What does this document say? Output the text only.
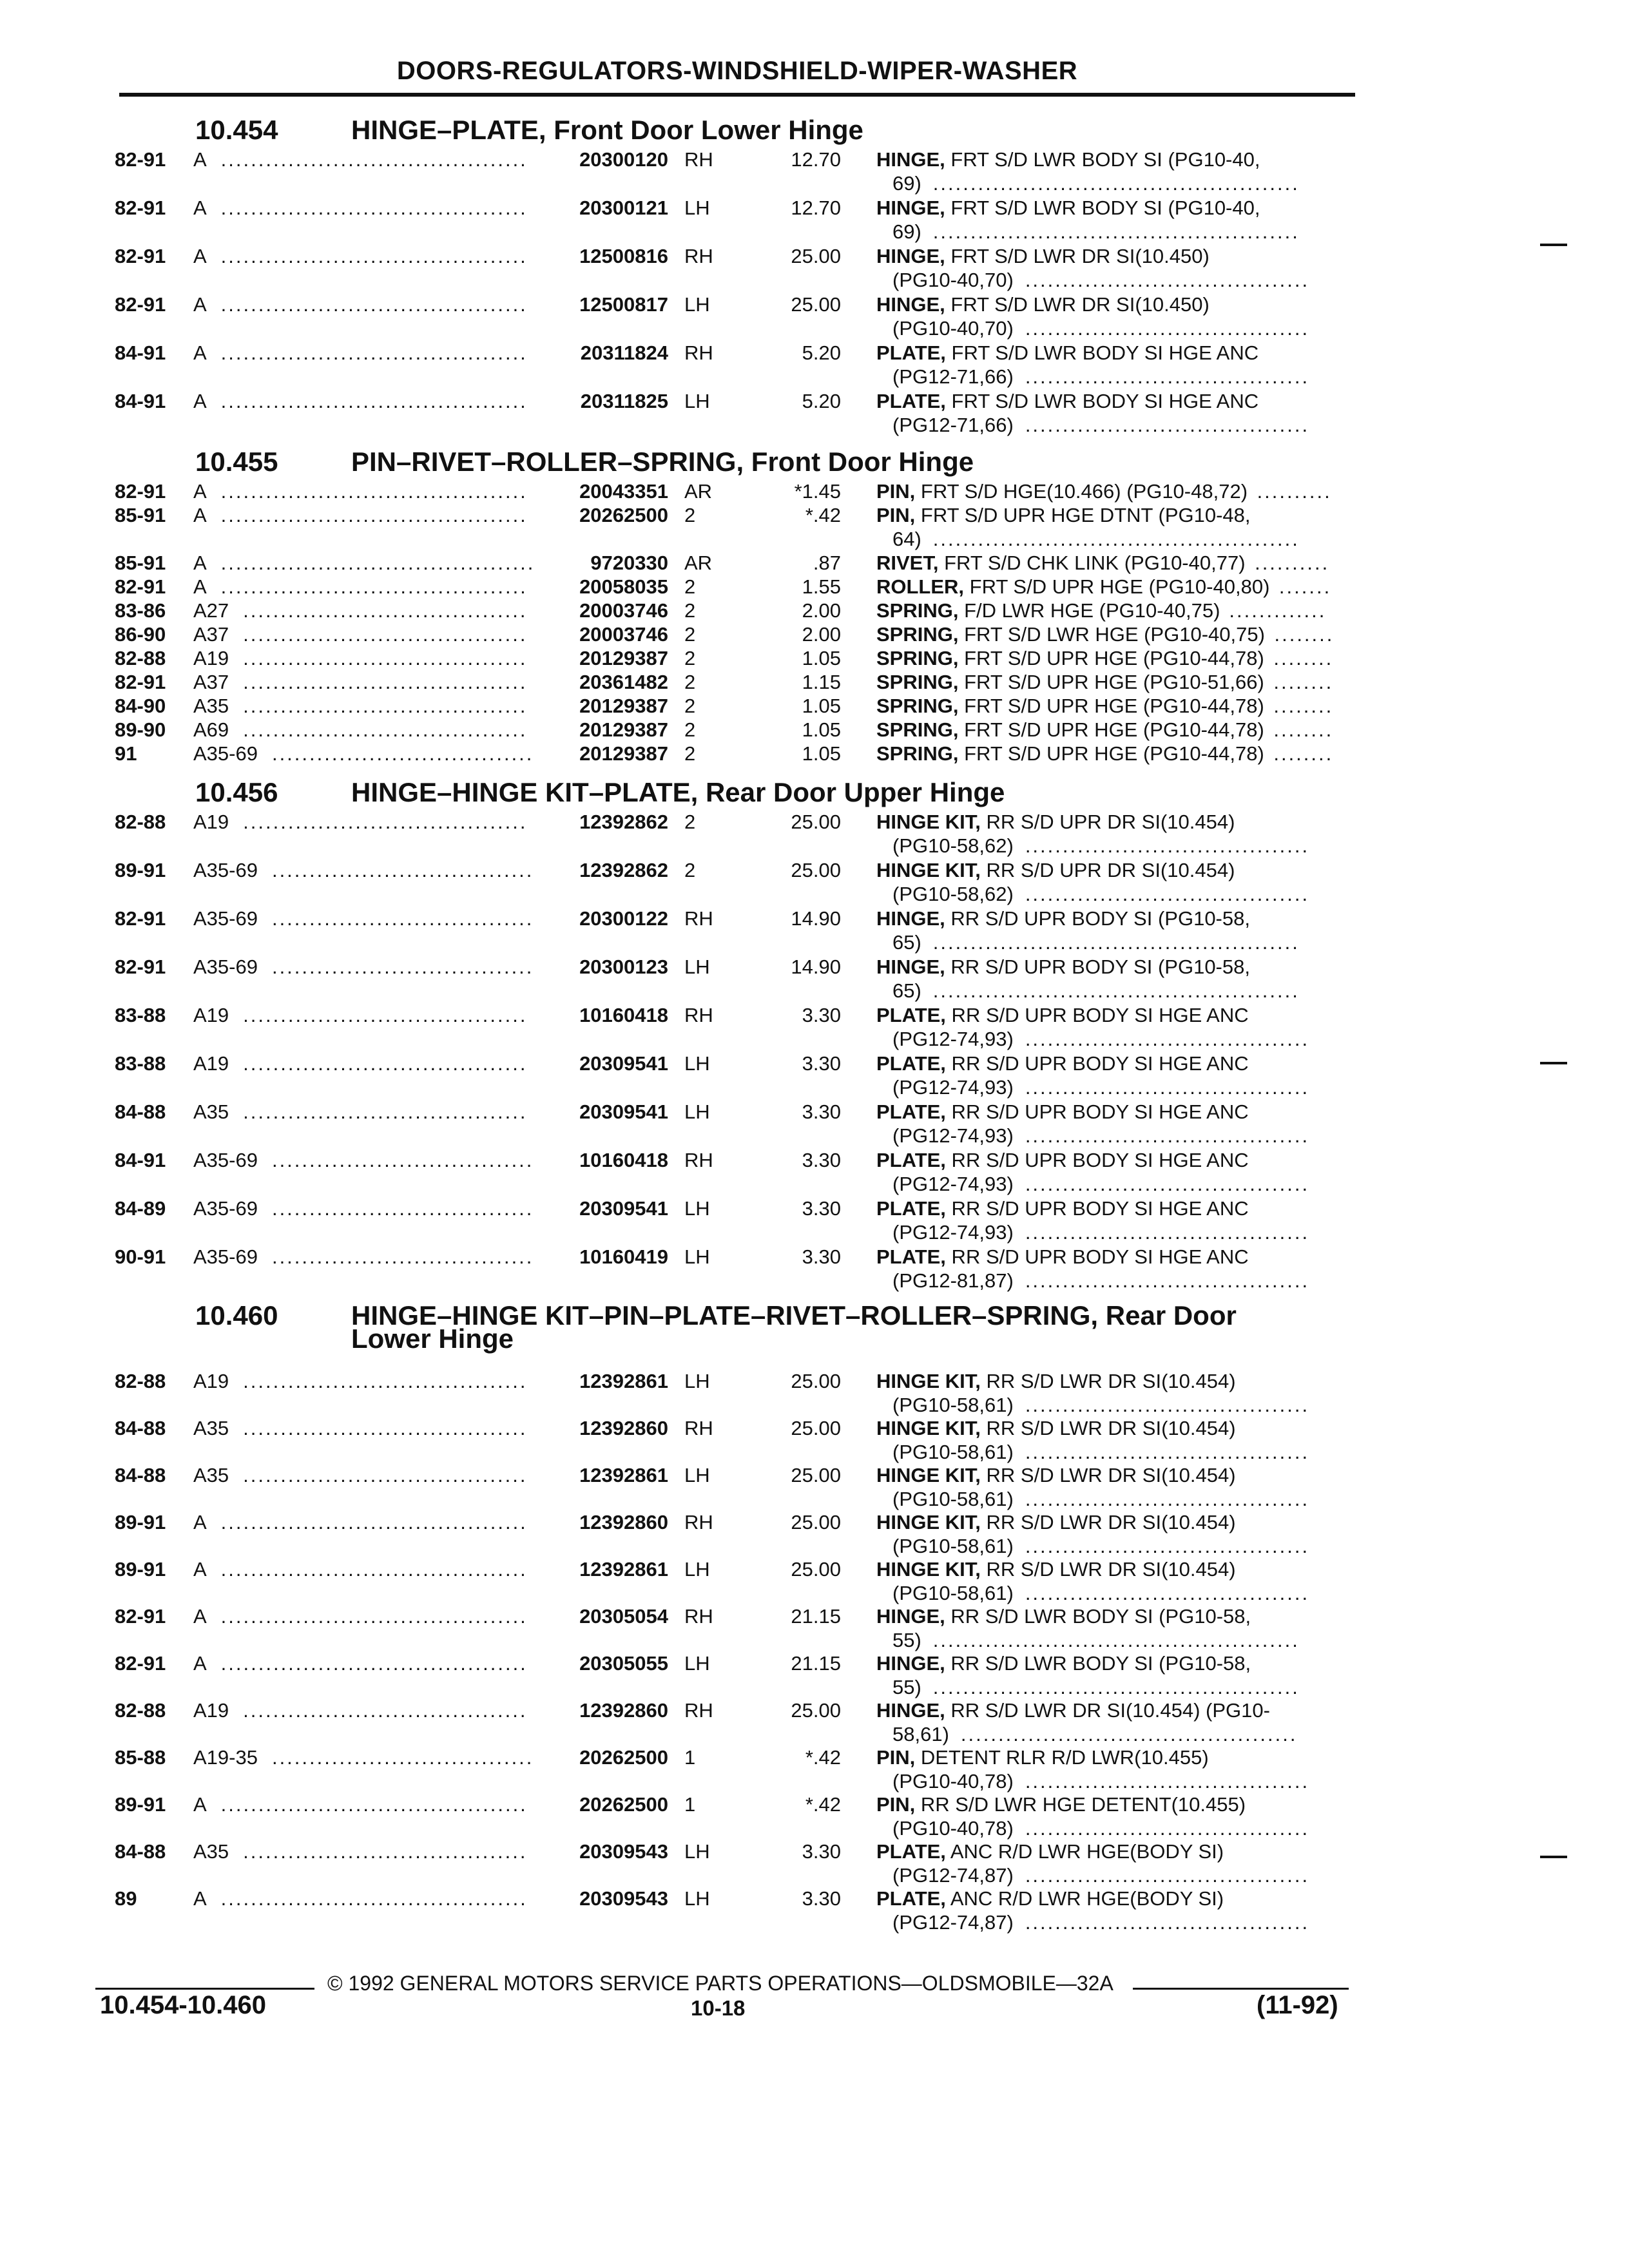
DOORS-REGULATORS-WINDSHIELD-WIPER-WASHER
10.454	HINGE–PLATE, Front Door Lower Hinge
82-91 A .........................................	20300120 RH	12.70 HINGE, FRT S/D LWR BODY SI (PG10-40,
69) .................................................
82-91 A .........................................	20300121 LH	12.70 HINGE, FRT S/D LWR BODY SI (PG10-40,
69) .................................................
82-91 A .........................................	12500816 RH	25.00 HINGE, FRT S/D LWR DR SI(10.450)
(PG10-40,70) ......................................
82-91 A .........................................	12500817 LH	25.00 HINGE, FRT S/D LWR DR SI(10.450)
(PG10-40,70) ......................................
84-91 A .........................................	20311824 RH	5.20 PLATE, FRT S/D LWR BODY SI HGE ANC
(PG12-71,66) ......................................
84-91 A .........................................	20311825 LH	5.20 PLATE, FRT S/D LWR BODY SI HGE ANC
(PG12-71,66) ......................................
10.455	PIN–RIVET–ROLLER–SPRING, Front Door Hinge
82-91 A .........................................	20043351 AR	*1.45 PIN, FRT S/D HGE(10.466) (PG10-48,72) ..........
85-91 A .........................................	20262500 2	*.42 PIN, FRT S/D UPR HGE DTNT (PG10-48,
64) .................................................
85-91 A ..........................................	9720330 AR	.87 RIVET, FRT S/D CHK LINK (PG10-40,77) ..........
82-91 A .........................................	20058035 2	1.55 ROLLER, FRT S/D UPR HGE (PG10-40,80) .......
83-86 A27 ......................................	20003746 2	2.00 SPRING, F/D LWR HGE (PG10-40,75) .............
86-90 A37 ......................................	20003746 2	2.00 SPRING, FRT S/D LWR HGE (PG10-40,75) ........
82-88 A19 ......................................	20129387 2	1.05 SPRING, FRT S/D UPR HGE (PG10-44,78) ........
82-91 A37 ......................................	20361482 2	1.15 SPRING, FRT S/D UPR HGE (PG10-51,66) ........
84-90 A35 ......................................	20129387 2	1.05 SPRING, FRT S/D UPR HGE (PG10-44,78) ........
89-90 A69 ......................................	20129387 2	1.05 SPRING, FRT S/D UPR HGE (PG10-44,78) ........
91	A35-69 ...................................	20129387 2	1.05 SPRING, FRT S/D UPR HGE (PG10-44,78) ........
10.456	HINGE–HINGE KIT–PLATE, Rear Door Upper Hinge
82-88 A19 ......................................	12392862 2	25.00 HINGE KIT, RR S/D UPR DR SI(10.454)
(PG10-58,62) ......................................
89-91 A35-69 ...................................	12392862 2	25.00 HINGE KIT, RR S/D UPR DR SI(10.454)
(PG10-58,62) ......................................
82-91 A35-69 ...................................	20300122 RH	14.90 HINGE, RR S/D UPR BODY SI (PG10-58,
65) .................................................
82-91 A35-69 ...................................	20300123 LH	14.90 HINGE, RR S/D UPR BODY SI (PG10-58,
65) .................................................
83-88 A19 ......................................	10160418 RH	3.30 PLATE, RR S/D UPR BODY SI HGE ANC
(PG12-74,93) ......................................
83-88 A19 ......................................	20309541 LH	3.30 PLATE, RR S/D UPR BODY SI HGE ANC
(PG12-74,93) ......................................
84-88 A35 ......................................	20309541 LH	3.30 PLATE, RR S/D UPR BODY SI HGE ANC
(PG12-74,93) ......................................
84-91 A35-69 ...................................	10160418 RH	3.30 PLATE, RR S/D UPR BODY SI HGE ANC
(PG12-74,93) ......................................
84-89 A35-69 ...................................	20309541 LH	3.30 PLATE, RR S/D UPR BODY SI HGE ANC
(PG12-74,93) ......................................
90-91 A35-69 ...................................	10160419 LH	3.30 PLATE, RR S/D UPR BODY SI HGE ANC
(PG12-81,87) ......................................
10.460	HINGE–HINGE KIT–PIN–PLATE–RIVET–ROLLER–SPRING, Rear Door
Lower Hinge
82-88 A19 ......................................	12392861 LH	25.00 HINGE KIT, RR S/D LWR DR SI(10.454)
(PG10-58,61) ......................................
84-88 A35 ......................................	12392860 RH	25.00 HINGE KIT, RR S/D LWR DR SI(10.454)
(PG10-58,61) ......................................
84-88 A35 ......................................	12392861 LH	25.00 HINGE KIT, RR S/D LWR DR SI(10.454)
(PG10-58,61) ......................................
89-91 A .........................................	12392860 RH	25.00 HINGE KIT, RR S/D LWR DR SI(10.454)
(PG10-58,61) ......................................
89-91 A .........................................	12392861 LH	25.00 HINGE KIT, RR S/D LWR DR SI(10.454)
(PG10-58,61) ......................................
82-91 A .........................................	20305054 RH	21.15 HINGE, RR S/D LWR BODY SI (PG10-58,
55) .................................................
82-91 A .........................................	20305055 LH	21.15 HINGE, RR S/D LWR BODY SI (PG10-58,
55) .................................................
82-88 A19 ......................................	12392860 RH	25.00 HINGE, RR S/D LWR DR SI(10.454) (PG10-
58,61) .............................................
85-88 A19-35 ...................................	20262500 1	*.42 PIN, DETENT RLR R/D LWR(10.455)
(PG10-40,78) ......................................
89-91 A .........................................	20262500 1	*.42 PIN, RR S/D LWR HGE DETENT(10.455)
(PG10-40,78) ......................................
84-88 A35 ......................................	20309543 LH	3.30 PLATE, ANC R/D LWR HGE(BODY SI)
(PG12-74,87) ......................................
89	A .........................................	20309543 LH	3.30 PLATE, ANC R/D LWR HGE(BODY SI)
(PG12-74,87) ......................................
© 1992 GENERAL MOTORS SERVICE PARTS OPERATIONS—OLDSMOBILE—32A
10.454-10.460	10-18	(11-92)
